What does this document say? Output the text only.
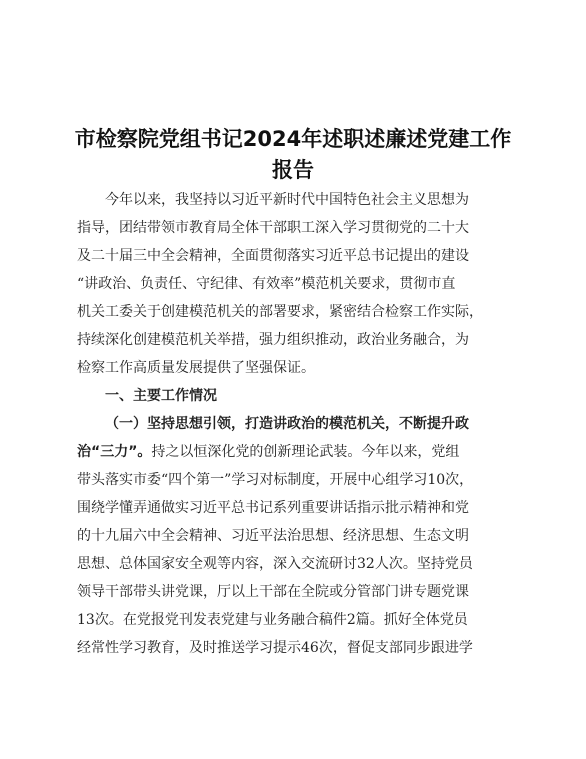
市检察院党组书记2024年述职述廉述党建工作
报告
今年以来，我坚持以习近平新时代中国特色社会主义思想为
指导，团结带领市教育局全体干部职工深入学习贯彻党的二十大
及二十届三中全会精神，全面贯彻落实习近平总书记提出的建设
“讲政治、负责任、守纪律、有效率”模范机关要求，贯彻市直
机关工委关于创建模范机关的部署要求，紧密结合检察工作实际，
持续深化创建模范机关举措，强力组织推动，政治业务融合，为
检察工作高质量发展提供了坚强保证。
一、主要工作情况
（一）坚持思想引领，打造讲政治的模范机关，不断提升政
治“三力”。持之以恒深化党的创新理论武装。今年以来，党组
带头落实市委“四个第一”学习对标制度，开展中心组学习10次，
围绕学懂弄通做实习近平总书记系列重要讲话指示批示精神和党
的十九届六中全会精神、习近平法治思想、经济思想、生态文明
思想、总体国家安全观等内容，深入交流研讨32人次。坚持党员
领导干部带头讲党课，厅以上干部在全院或分管部门讲专题党课
13次。在党报党刊发表党建与业务融合稿件2篇。抓好全体党员
经常性学习教育，及时推送学习提示46次，督促支部同步跟进学
